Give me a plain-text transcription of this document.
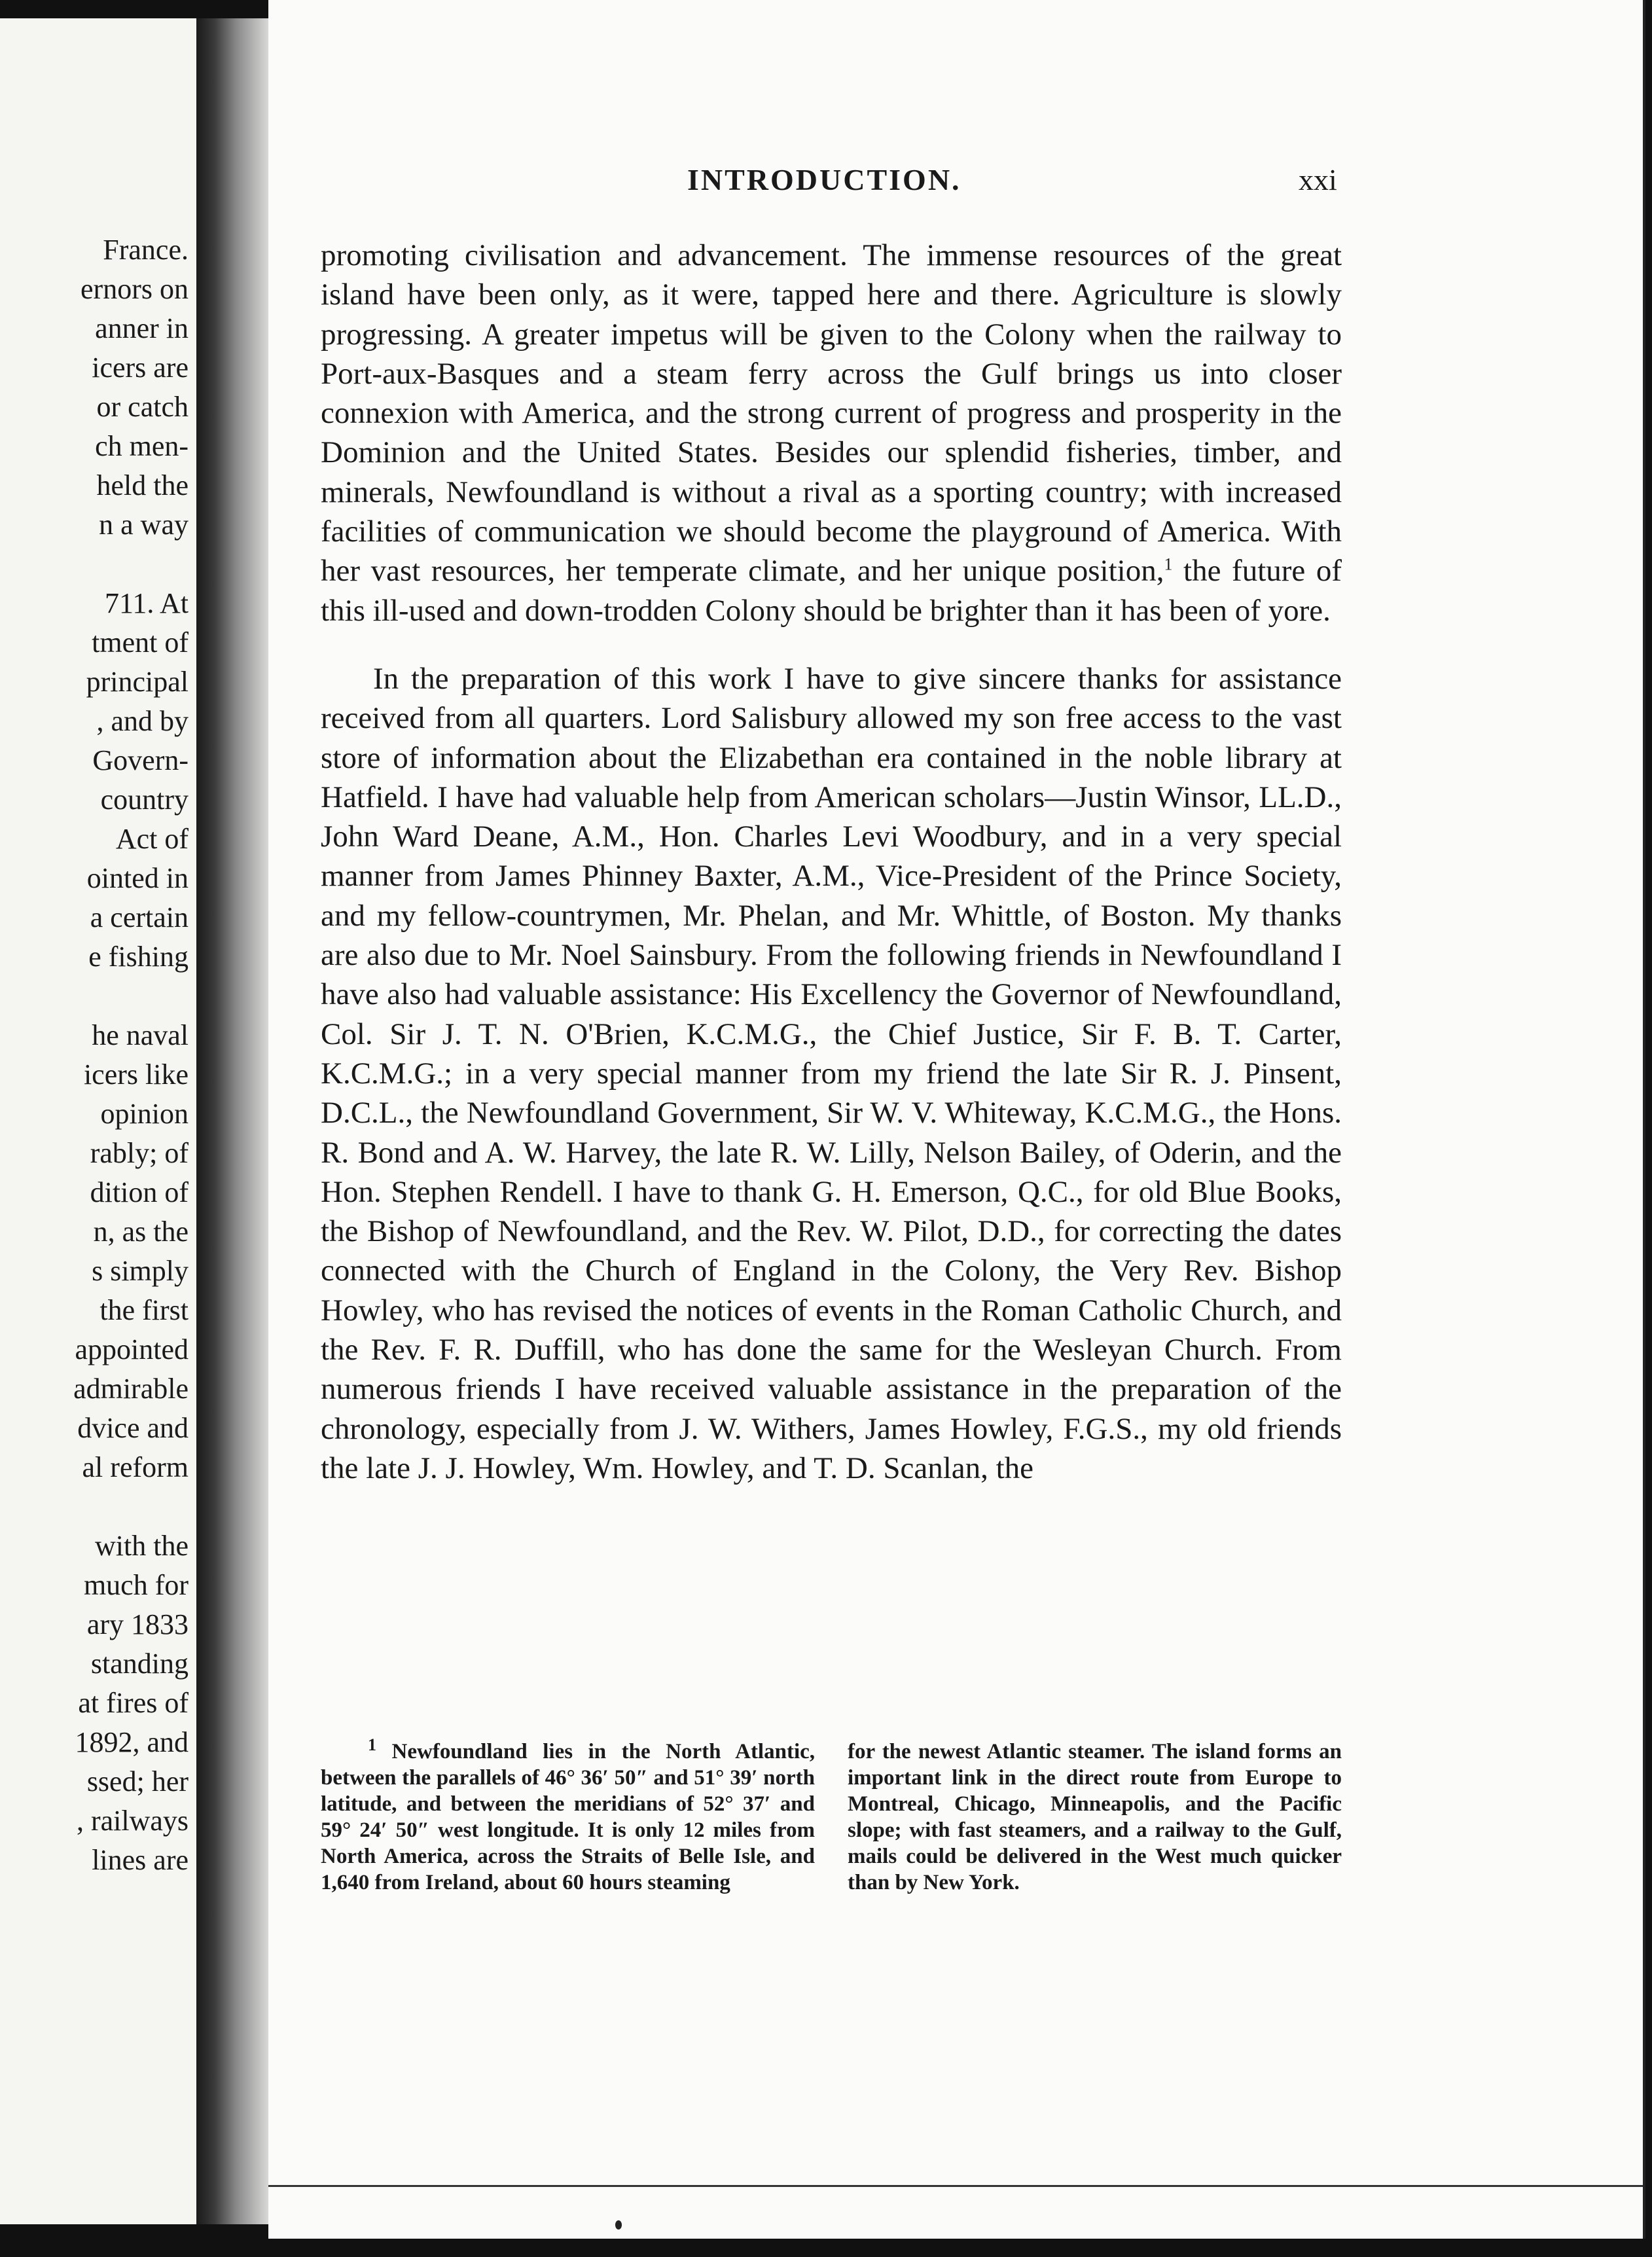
France.
ernors on
anner in
icers are
or catch
ch men-
held the
n a way
711. At
tment of
principal
, and by
Govern-
country
Act of
ointed in
a certain
e fishing
he naval
icers like
opinion
rably; of
dition of
n, as the
s simply
the first
appointed
admirable
dvice and
al reform
with the
much for
ary 1833
standing
at fires of
1892, and
ssed; her
, railways
lines are
INTRODUCTION.	xxi

promoting civilisation and advancement. The immense resources of the great island have been only, as it were, tapped here and there. Agriculture is slowly progressing. A greater impetus will be given to the Colony when the railway to Port-aux-Basques and a steam ferry across the Gulf brings us into closer connexion with America, and the strong current of progress and prosperity in the Dominion and the United States. Besides our splendid fisheries, timber, and minerals, Newfoundland is without a rival as a sporting country; with increased facilities of communication we should become the playground of America. With her vast resources, her temperate climate, and her unique position,$^1$ the future of this ill-used and down-trodden Colony should be brighter than it has been of yore.

In the preparation of this work I have to give sincere thanks for assistance received from all quarters. Lord Salisbury allowed my son free access to the vast store of information about the Elizabethan era contained in the noble library at Hatfield. I have had valuable help from American scholars—Justin Winsor, LL.D., John Ward Deane, A.M., Hon. Charles Levi Woodbury, and in a very special manner from James Phinney Baxter, A.M., Vice-President of the Prince Society, and my fellow-countrymen, Mr. Phelan, and Mr. Whittle, of Boston. My thanks are also due to Mr. Noel Sainsbury. From the following friends in Newfoundland I have also had valuable assistance: His Excellency the Governor of Newfoundland, Col. Sir J. T. N. O'Brien, K.C.M.G., the Chief Justice, Sir F. B. T. Carter, K.C.M.G.; in a very special manner from my friend the late Sir R. J. Pinsent, D.C.L., the Newfoundland Government, Sir W. V. Whiteway, K.C.M.G., the Hons. R. Bond and A. W. Harvey, the late R. W. Lilly, Nelson Bailey, of Oderin, and the Hon. Stephen Rendell. I have to thank G. H. Emerson, Q.C., for old Blue Books, the Bishop of Newfoundland, and the Rev. W. Pilot, D.D., for correcting the dates connected with the Church of England in the Colony, the Very Rev. Bishop Howley, who has revised the notices of events in the Roman Catholic Church, and the Rev. F. R. Duffill, who has done the same for the Wesleyan Church. From numerous friends I have received valuable assistance in the preparation of the chronology, especially from J. W. Withers, James Howley, F.G.S., my old friends the late J. J. Howley, Wm. Howley, and T. D. Scanlan, the

$^1$ Newfoundland lies in the North Atlantic, between the parallels of 46° 36′ 50″ and 51° 39′ north latitude, and between the meridians of 52° 37′ and 59° 24′ 50″ west longitude. It is only 12 miles from North America, across the Straits of Belle Isle, and 1,640 from Ireland, about 60 hours steaming
for the newest Atlantic steamer. The island forms an important link in the direct route from Europe to Montreal, Chicago, Minneapolis, and the Pacific slope; with fast steamers, and a railway to the Gulf, mails could be delivered in the West much quicker than by New York.
